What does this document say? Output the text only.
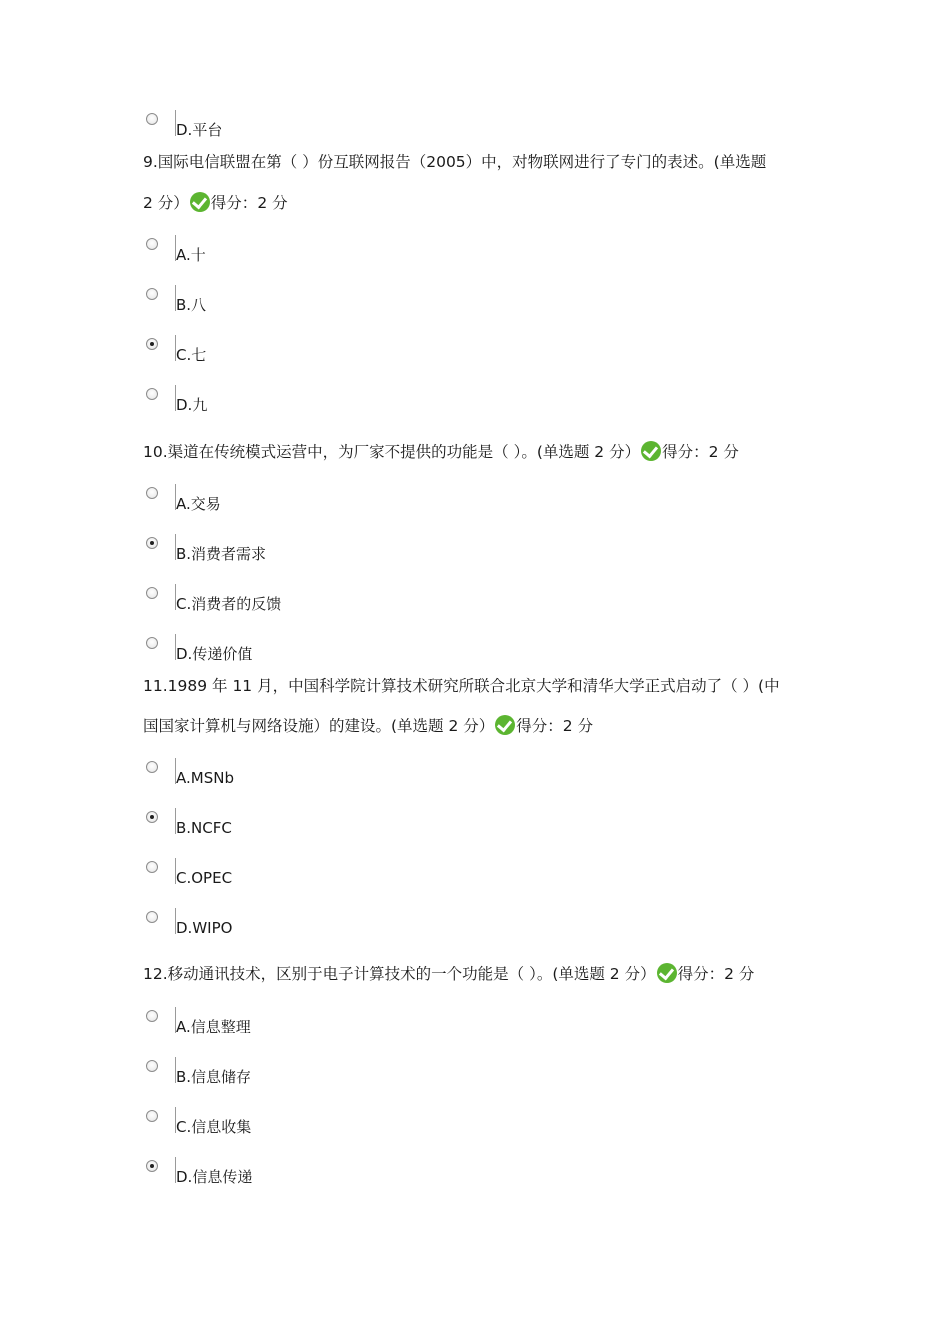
D.平台
9.国际电信联盟在第（ ）份互联网报告（2005）中，对物联网进行了专门的表述。(单选题
2 分） 得分：2 分
A.十
B.八
C.七
D.九
10.渠道在传统模式运营中，为厂家不提供的功能是（ ）。(单选题 2 分） 得分：2 分
A.交易
B.消费者需求
C.消费者的反馈
D.传递价值
11.1989 年 11 月，中国科学院计算技术研究所联合北京大学和清华大学正式启动了（ ）(中
国国家计算机与网络设施）的建设。(单选题 2 分） 得分：2 分
A.MSNb
B.NCFC
C.OPEC
D.WIPO
12.移动通讯技术，区别于电子计算技术的一个功能是（ ）。(单选题 2 分） 得分：2 分
A.信息整理
B.信息储存
C.信息收集
D.信息传递
